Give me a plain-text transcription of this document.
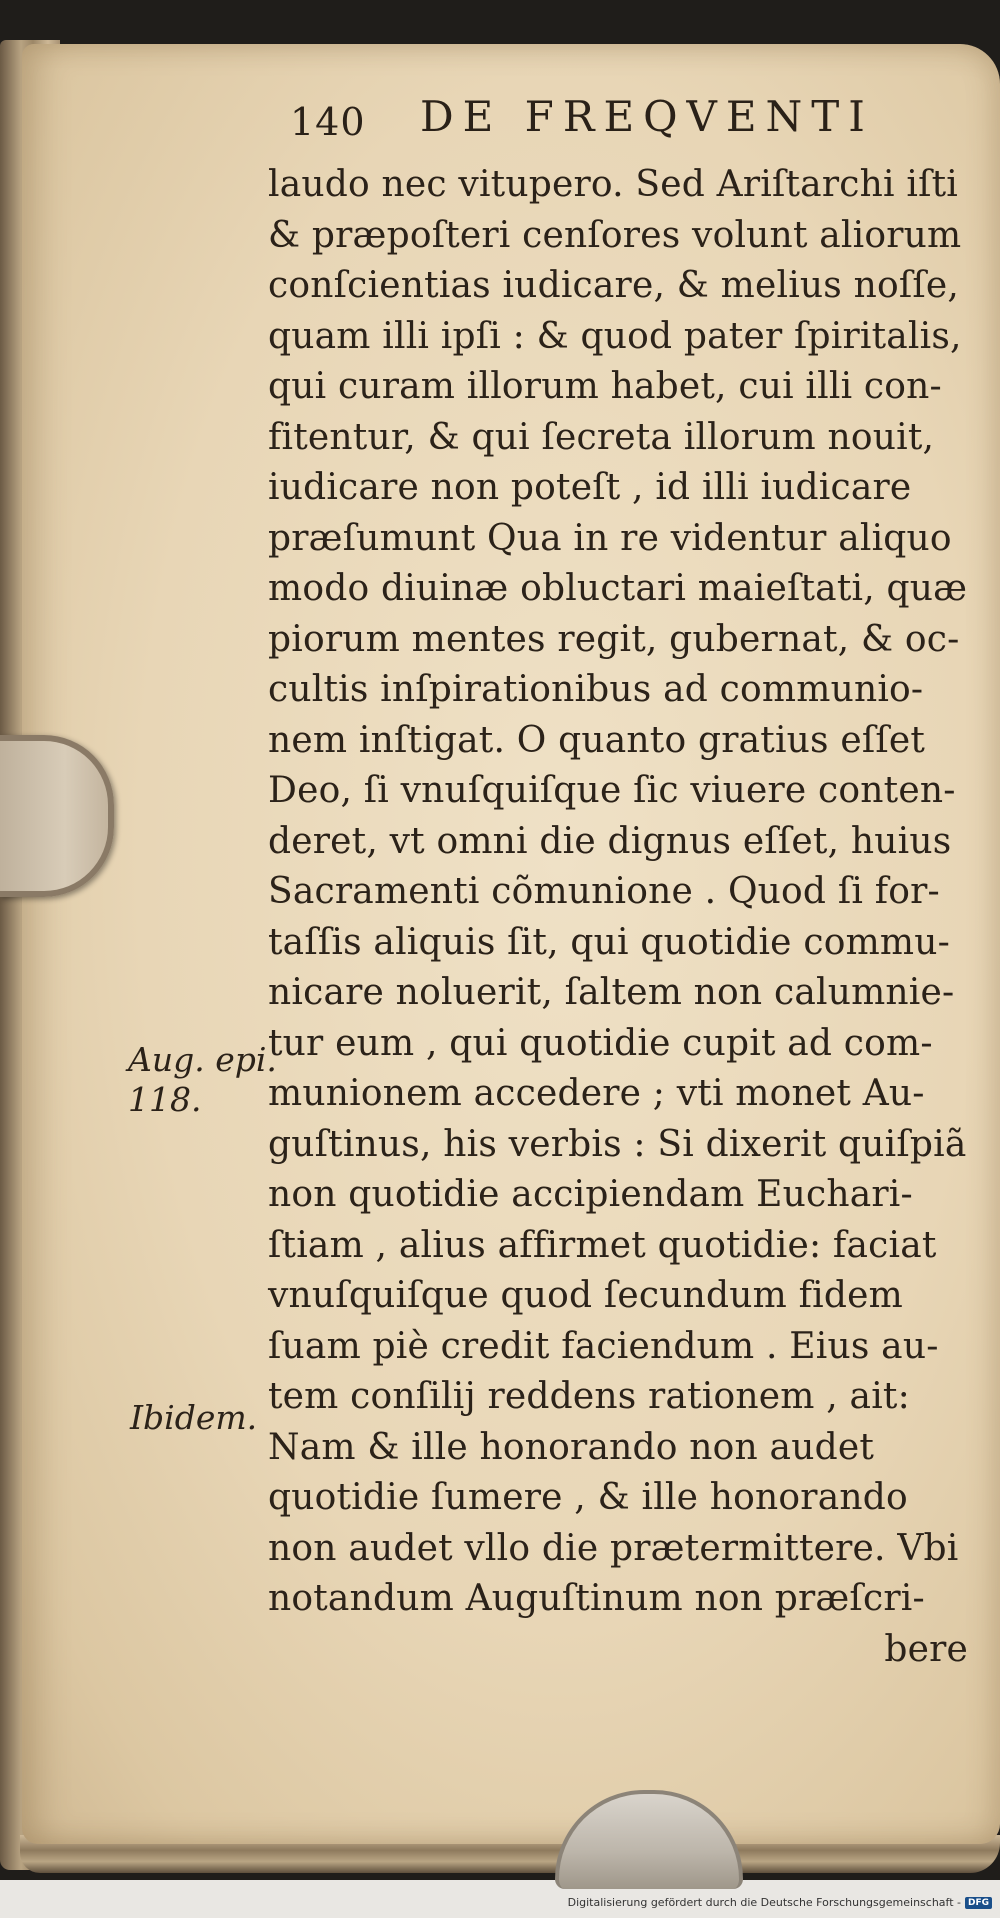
140 DE FREQVENTI
laudo nec vitupero. Sed Ariſtarchi iſti
& præpoſteri cenſores volunt aliorum
conſcientias iudicare, & melius noſſe,
quam illi ipſi : & quod pater ſpiritalis,
qui curam illorum habet, cui illi con-
fitentur, & qui ſecreta illorum nouit,
iudicare non poteſt , id illi iudicare
præſumunt Qua in re videntur aliquo
modo diuinæ obluctari maieſtati, quæ
piorum mentes regit, gubernat, & oc-
cultis inſpirationibus ad communio-
nem inſtigat. O quanto gratius eſſet
Deo, ſi vnuſquiſque ſic viuere conten-
deret, vt omni die dignus eſſet, huius
Sacramenti cõmunione . Quod ſi for-
taſſis aliquis ſit, qui quotidie commu-
nicare noluerit, ſaltem non calumnie-
tur eum , qui quotidie cupit ad com-
munionem accedere ; vti monet Au-
guſtinus, his verbis : Si dixerit quiſpiã
non quotidie accipiendam Euchari-
ſtiam , alius affirmet quotidie: faciat
vnuſquiſque quod ſecundum fidem
ſuam piè credit faciendum . Eius au-
tem conſilij reddens rationem , ait:
Nam & ille honorando non audet
quotidie ſumere , & ille honorando
non audet vllo die prætermittere. Vbi
notandum Auguſtinum non præſcri-
bere
Aug. epi.
118.
Ibidem.
Digitalisierung gefördert durch die Deutsche Forschungsgemeinschaft - DFG
